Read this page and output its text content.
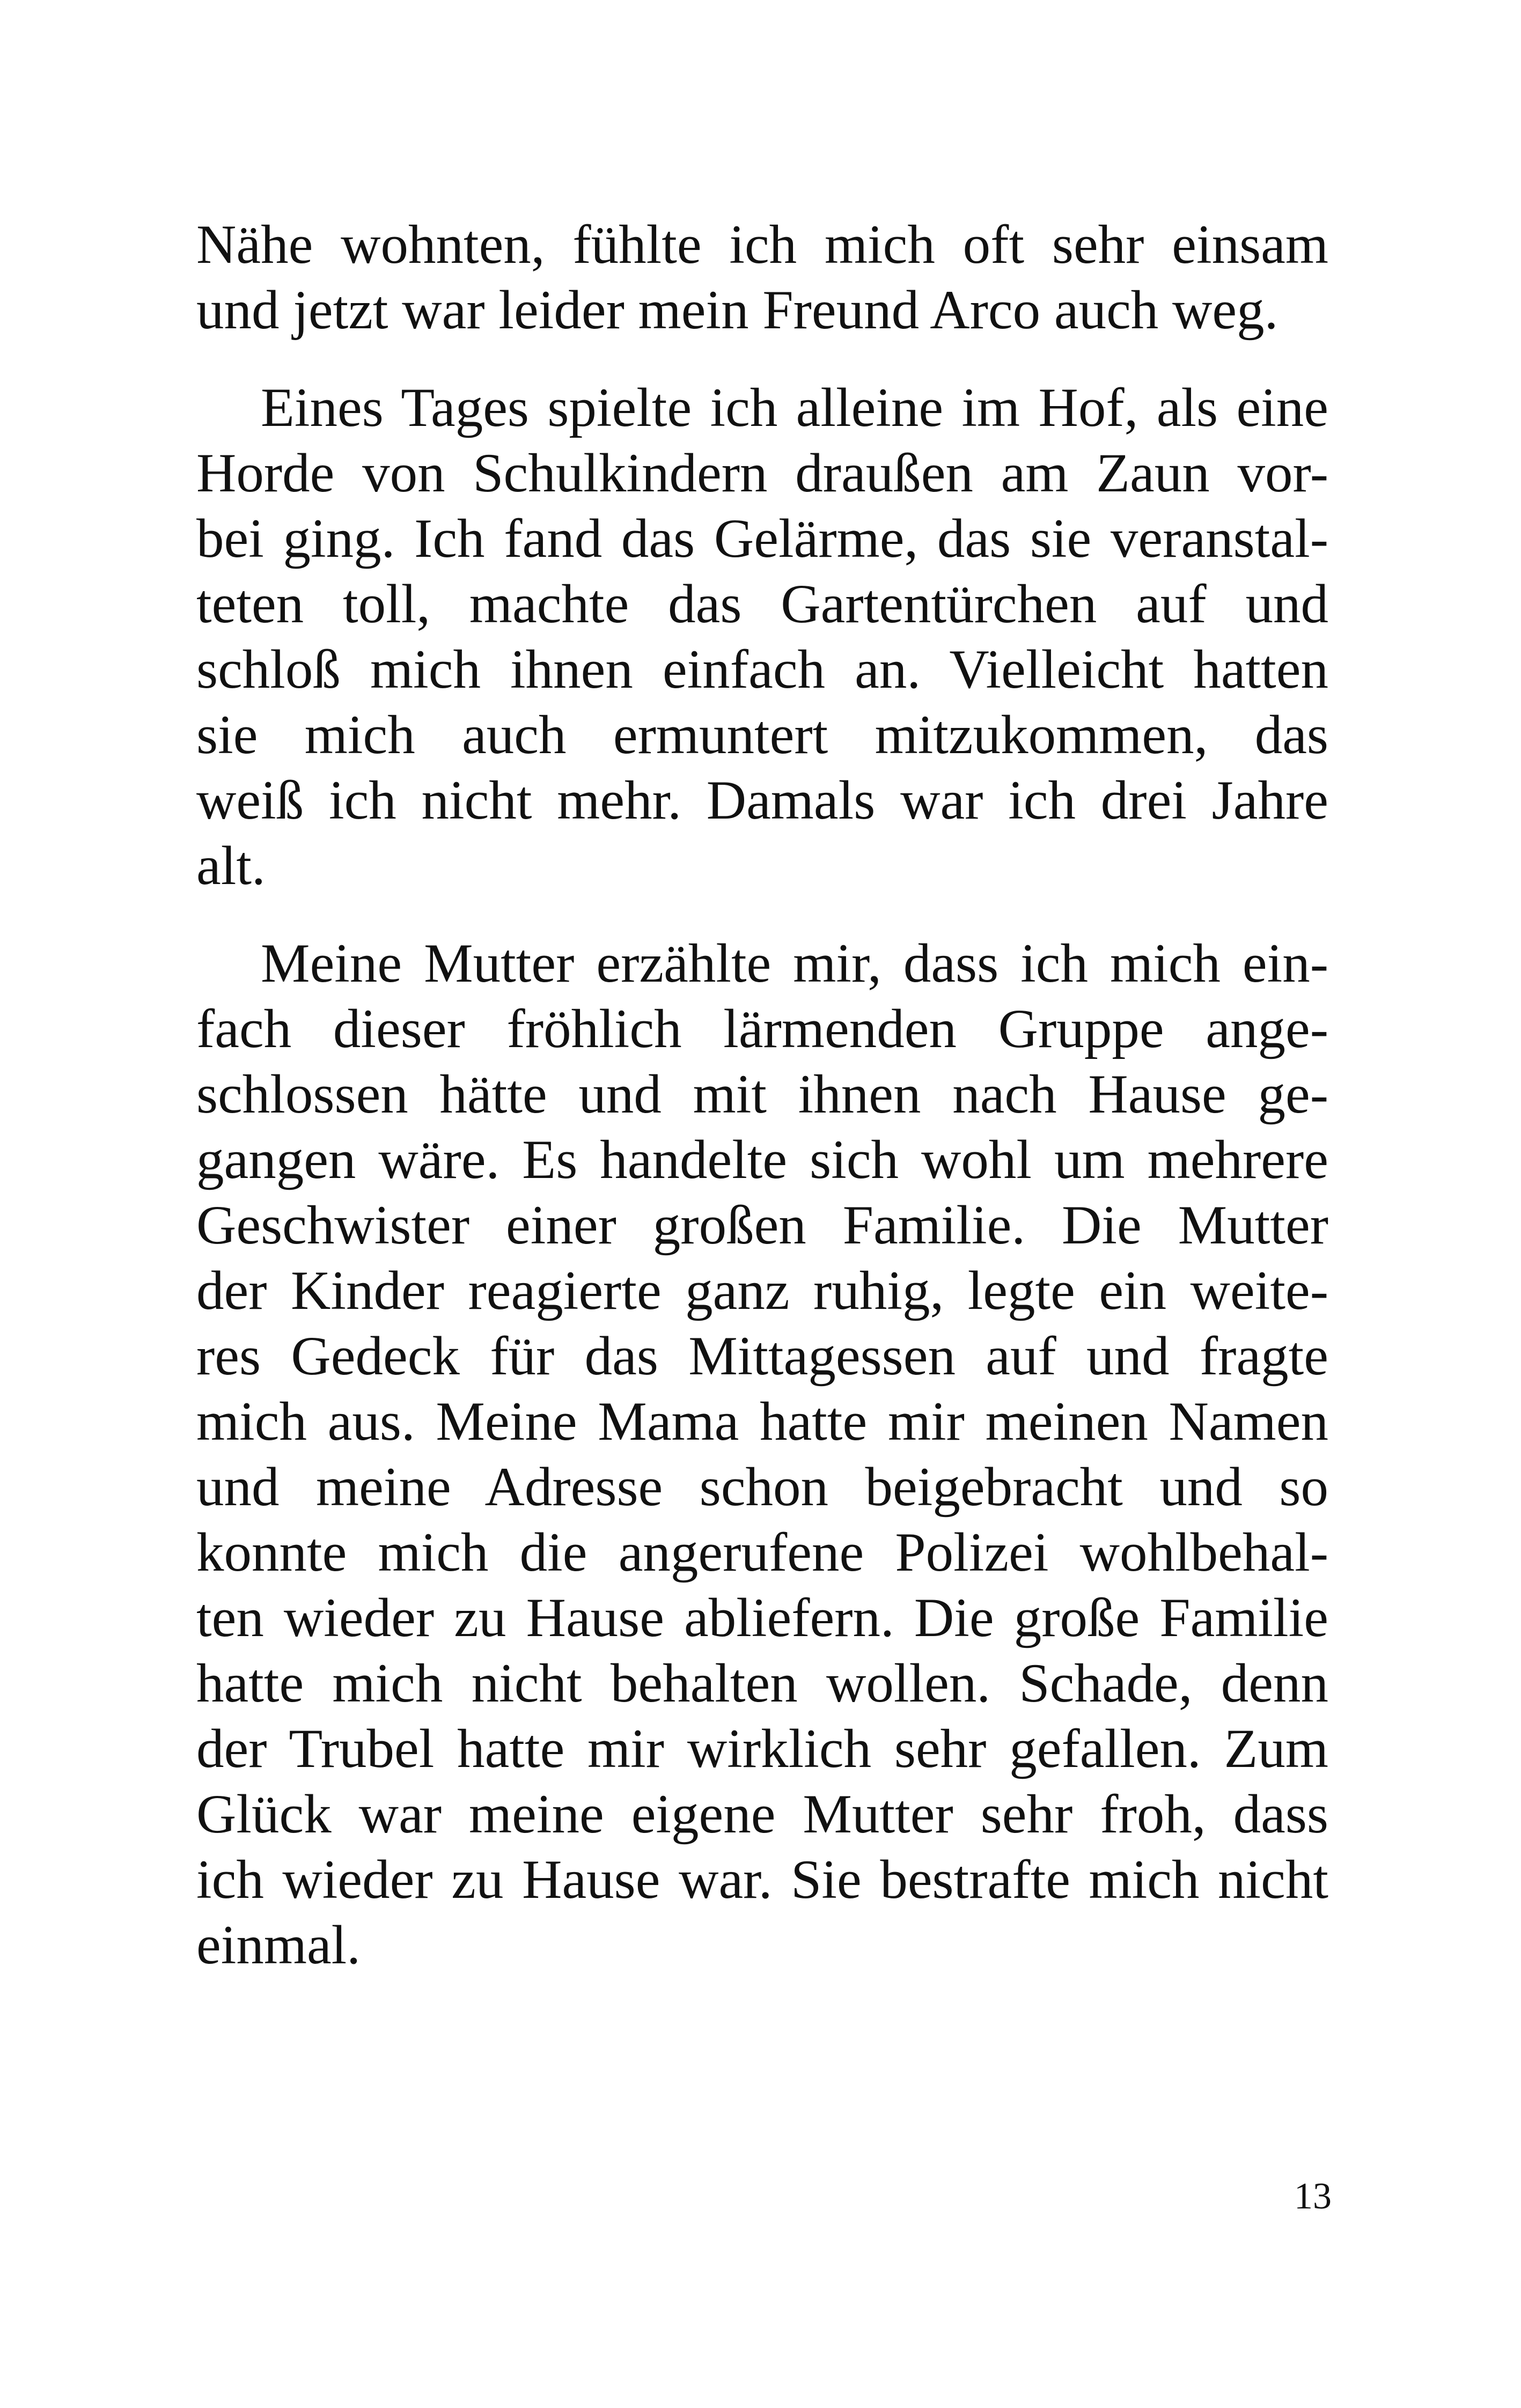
Nähe wohnten, fühlte ich mich oft sehr einsam
und jetzt war leider mein Freund Arco auch weg.
Eines Tages spielte ich alleine im Hof, als eine
Horde von Schulkindern draußen am Zaun vor-
bei ging. Ich fand das Gelärme, das sie veranstal-
teten toll, machte das Gartentürchen auf und
schloß mich ihnen einfach an. Vielleicht hatten
sie mich auch ermuntert mitzukommen, das
weiß ich nicht mehr. Damals war ich drei Jahre
alt.
Meine Mutter erzählte mir, dass ich mich ein-
fach dieser fröhlich lärmenden Gruppe ange-
schlossen hätte und mit ihnen nach Hause ge-
gangen wäre. Es handelte sich wohl um mehrere
Geschwister einer großen Familie. Die Mutter
der Kinder reagierte ganz ruhig, legte ein weite-
res Gedeck für das Mittagessen auf und fragte
mich aus. Meine Mama hatte mir meinen Namen
und meine Adresse schon beigebracht und so
konnte mich die angerufene Polizei wohlbehal-
ten wieder zu Hause abliefern. Die große Familie
hatte mich nicht behalten wollen. Schade, denn
der Trubel hatte mir wirklich sehr gefallen. Zum
Glück war meine eigene Mutter sehr froh, dass
ich wieder zu Hause war. Sie bestrafte mich nicht
einmal.
13
